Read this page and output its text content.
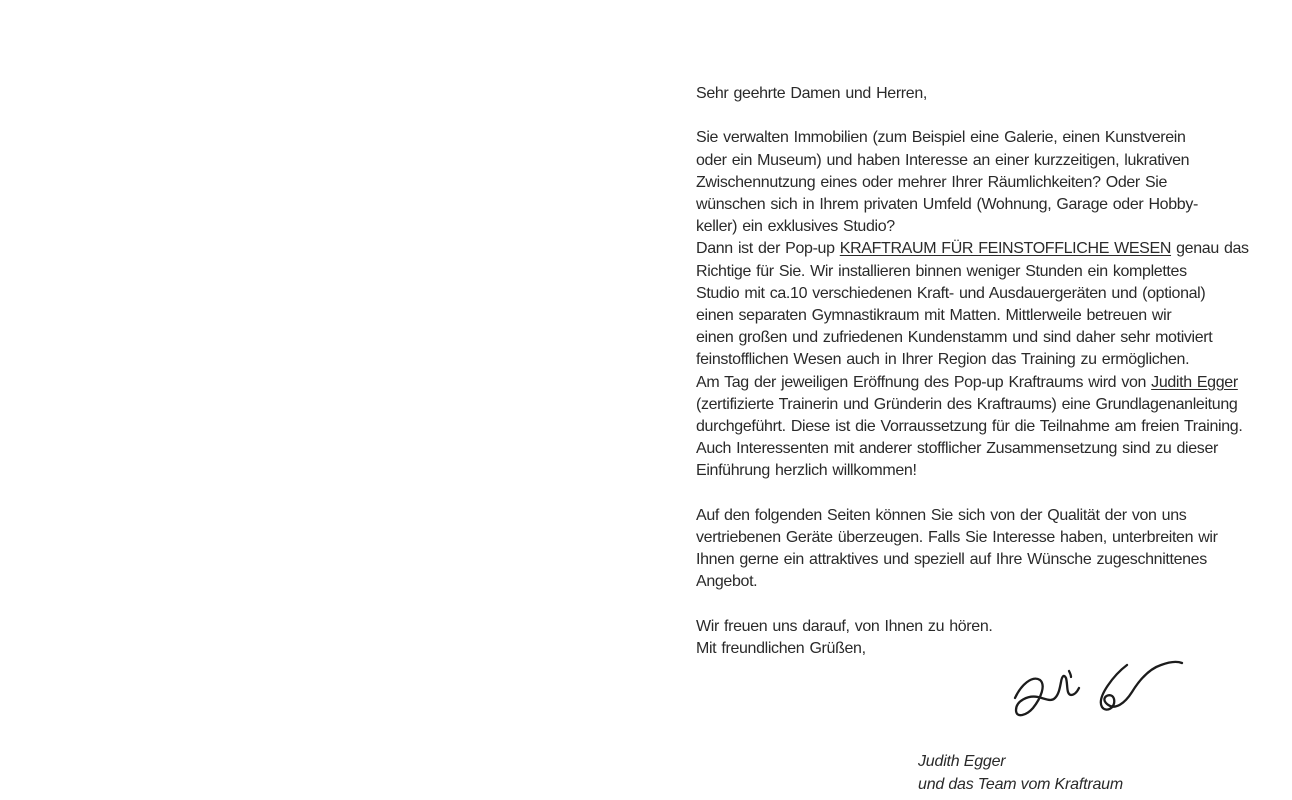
Sehr geehrte Damen und Herren,

Sie verwalten Immobilien (zum Beispiel eine Galerie, einen Kunstverein
oder ein Museum) und haben Interesse an einer kurzzeitigen, lukrativen
Zwischennutzung eines oder mehrer Ihrer Räumlichkeiten? Oder Sie
wünschen sich in Ihrem privaten Umfeld (Wohnung, Garage oder Hobby-
keller) ein exklusives Studio?
Dann ist der Pop-up KRAFTRAUM FÜR FEINSTOFFLICHE WESEN genau das
Richtige für Sie. Wir installieren binnen weniger Stunden ein komplettes
Studio mit ca.10 verschiedenen Kraft- und Ausdauergeräten und (optional)
einen separaten Gymnastikraum mit Matten. Mittlerweile betreuen wir
einen großen und zufriedenen Kundenstamm und sind daher sehr motiviert
feinstofflichen Wesen auch in Ihrer Region das Training zu ermöglichen.
Am Tag der jeweiligen Eröffnung des Pop-up Kraftraums wird von Judith Egger
(zertifizierte Trainerin und Gründerin des Kraftraums) eine Grundlagenanleitung
durchgeführt. Diese ist die Vorraussetzung für die Teilnahme am freien Training.
Auch Interessenten mit anderer stofflicher Zusammensetzung sind zu dieser
Einführung herzlich willkommen!

Auf den folgenden Seiten können Sie sich von der Qualität der von uns
vertriebenen Geräte überzeugen. Falls Sie Interesse haben, unterbreiten wir
Ihnen gerne ein attraktives und speziell auf Ihre Wünsche zugeschnittenes
Angebot.

Wir freuen uns darauf, von Ihnen zu hören.
Mit freundlichen Grüßen,
Judith Egger
und das Team vom Kraftraum
